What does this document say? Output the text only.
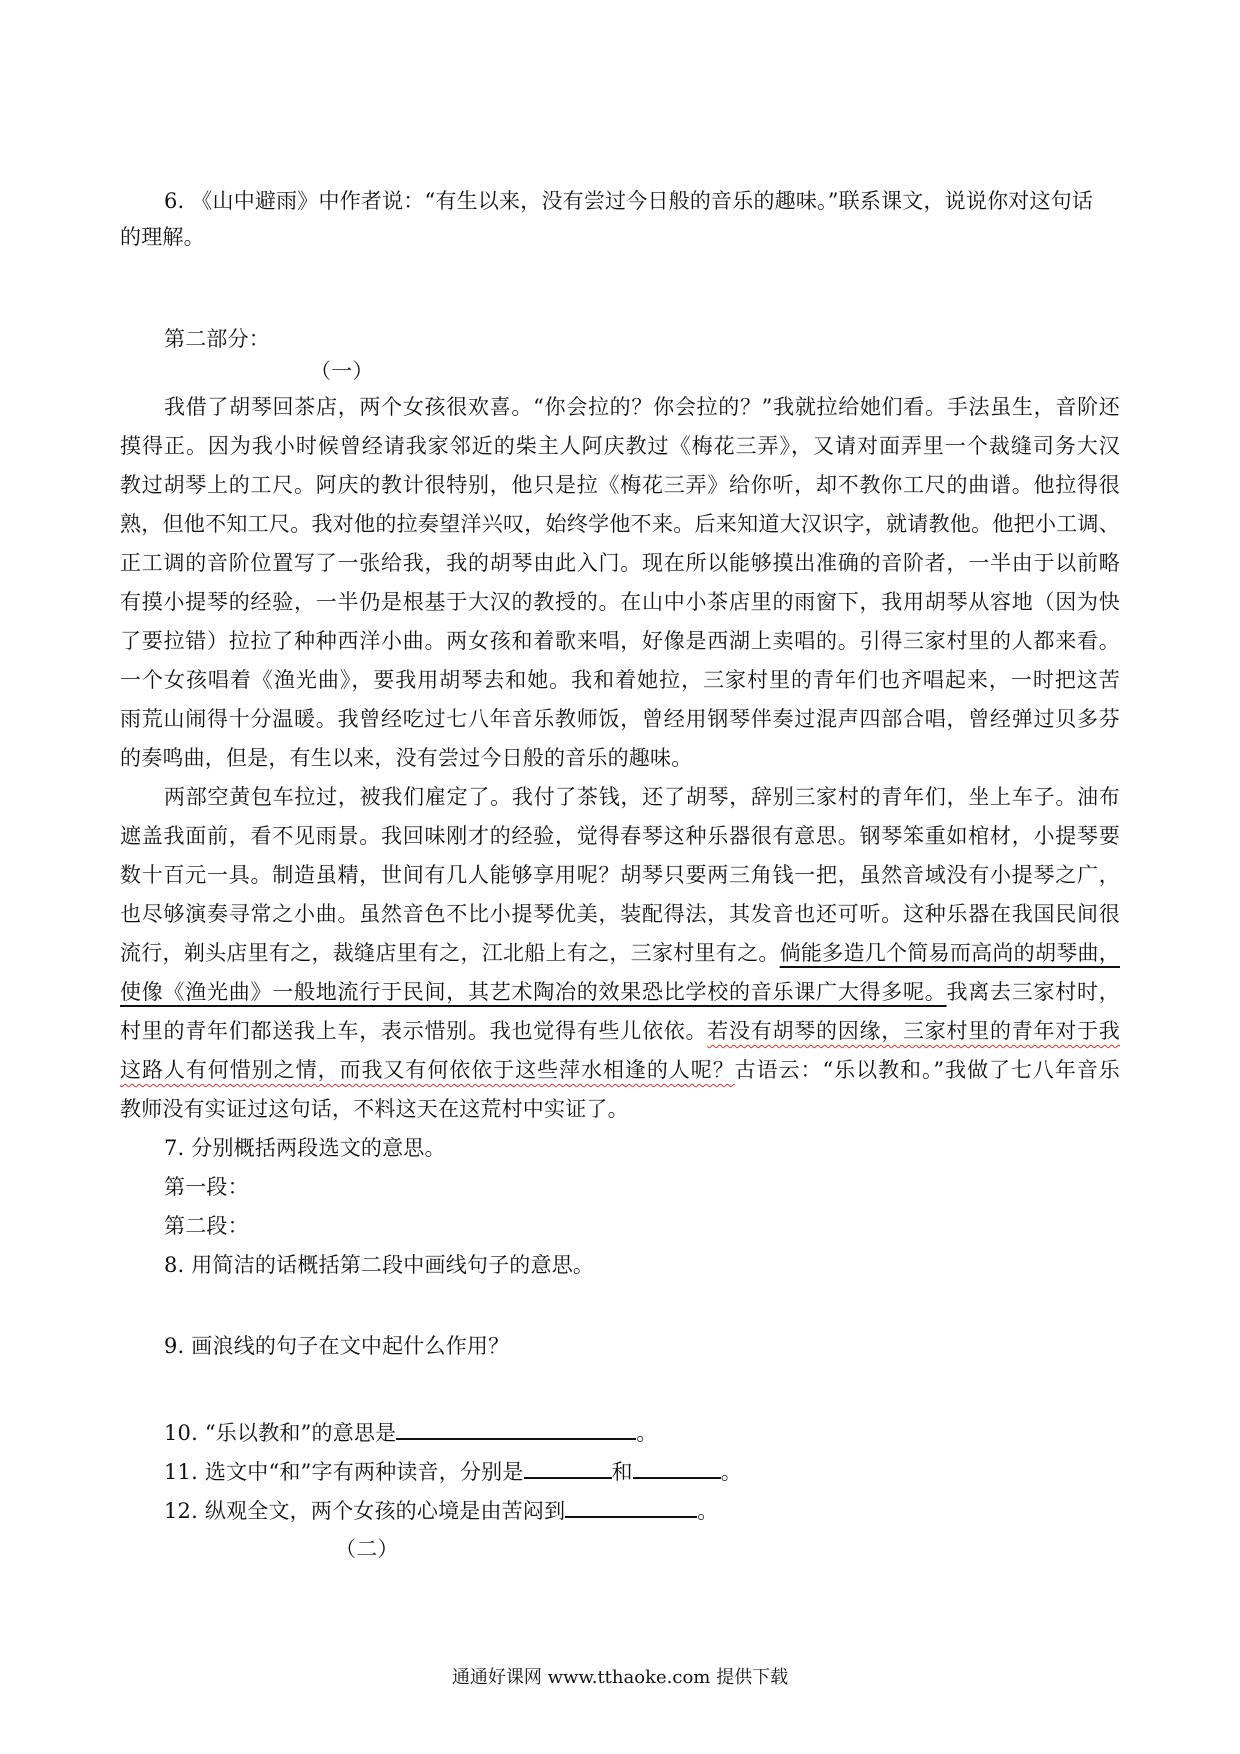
6. 《山中避雨》中作者说：“有生以来，没有尝过今日般的音乐的趣味。”联系课文，说说你对这句话
的理解。
第二部分：
（一）
我借了胡琴回茶店，两个女孩很欢喜。“你会拉的？你会拉的？”我就拉给她们看。手法虽生，音阶还
摸得正。因为我小时候曾经请我家邻近的柴主人阿庆教过《梅花三弄》，又请对面弄里一个裁缝司务大汉
教过胡琴上的工尺。阿庆的教计很特别，他只是拉《梅花三弄》给你听，却不教你工尺的曲谱。他拉得很
熟，但他不知工尺。我对他的拉奏望洋兴叹，始终学他不来。后来知道大汉识字，就请教他。他把小工调、
正工调的音阶位置写了一张给我，我的胡琴由此入门。现在所以能够摸出准确的音阶者，一半由于以前略
有摸小提琴的经验，一半仍是根基于大汉的教授的。在山中小茶店里的雨窗下，我用胡琴从容地（因为快
了要拉错）拉拉了种种西洋小曲。两女孩和着歌来唱，好像是西湖上卖唱的。引得三家村里的人都来看。
一个女孩唱着《渔光曲》，要我用胡琴去和她。我和着她拉，三家村里的青年们也齐唱起来，一时把这苦
雨荒山闹得十分温暖。我曾经吃过七八年音乐教师饭，曾经用钢琴伴奏过混声四部合唱，曾经弹过贝多芬
的奏鸣曲，但是，有生以来，没有尝过今日般的音乐的趣味。
两部空黄包车拉过，被我们雇定了。我付了茶钱，还了胡琴，辞别三家村的青年们，坐上车子。油布
遮盖我面前，看不见雨景。我回味刚才的经验，觉得春琴这种乐器很有意思。钢琴笨重如棺材，小提琴要
数十百元一具。制造虽精，世间有几人能够享用呢？胡琴只要两三角钱一把，虽然音域没有小提琴之广，
也尽够演奏寻常之小曲。虽然音色不比小提琴优美，装配得法，其发音也还可听。这种乐器在我国民间很
流行，剃头店里有之，裁缝店里有之，江北船上有之，三家村里有之。倘能多造几个简易而高尚的胡琴曲，
使像《渔光曲》一般地流行于民间，其艺术陶冶的效果恐比学校的音乐课广大得多呢。我离去三家村时，
村里的青年们都送我上车，表示惜别。我也觉得有些儿依依。若没有胡琴的因缘，三家村里的青年对于我
这路人有何惜别之情，而我又有何依依于这些萍水相逢的人呢？古语云：“乐以教和。”我做了七八年音乐
教师没有实证过这句话，不料这天在这荒村中实证了。
7. 分别概括两段选文的意思。
第一段：
第二段：
8. 用简洁的话概括第二段中画线句子的意思。
9. 画浪线的句子在文中起什么作用？
10. “乐以教和”的意思是	。
11. 选文中“和”字有两种读音，分别是	和	。
12. 纵观全文，两个女孩的心境是由苦闷到	。
（二）
通通好课网 www.tthaoke.com 提供下载
